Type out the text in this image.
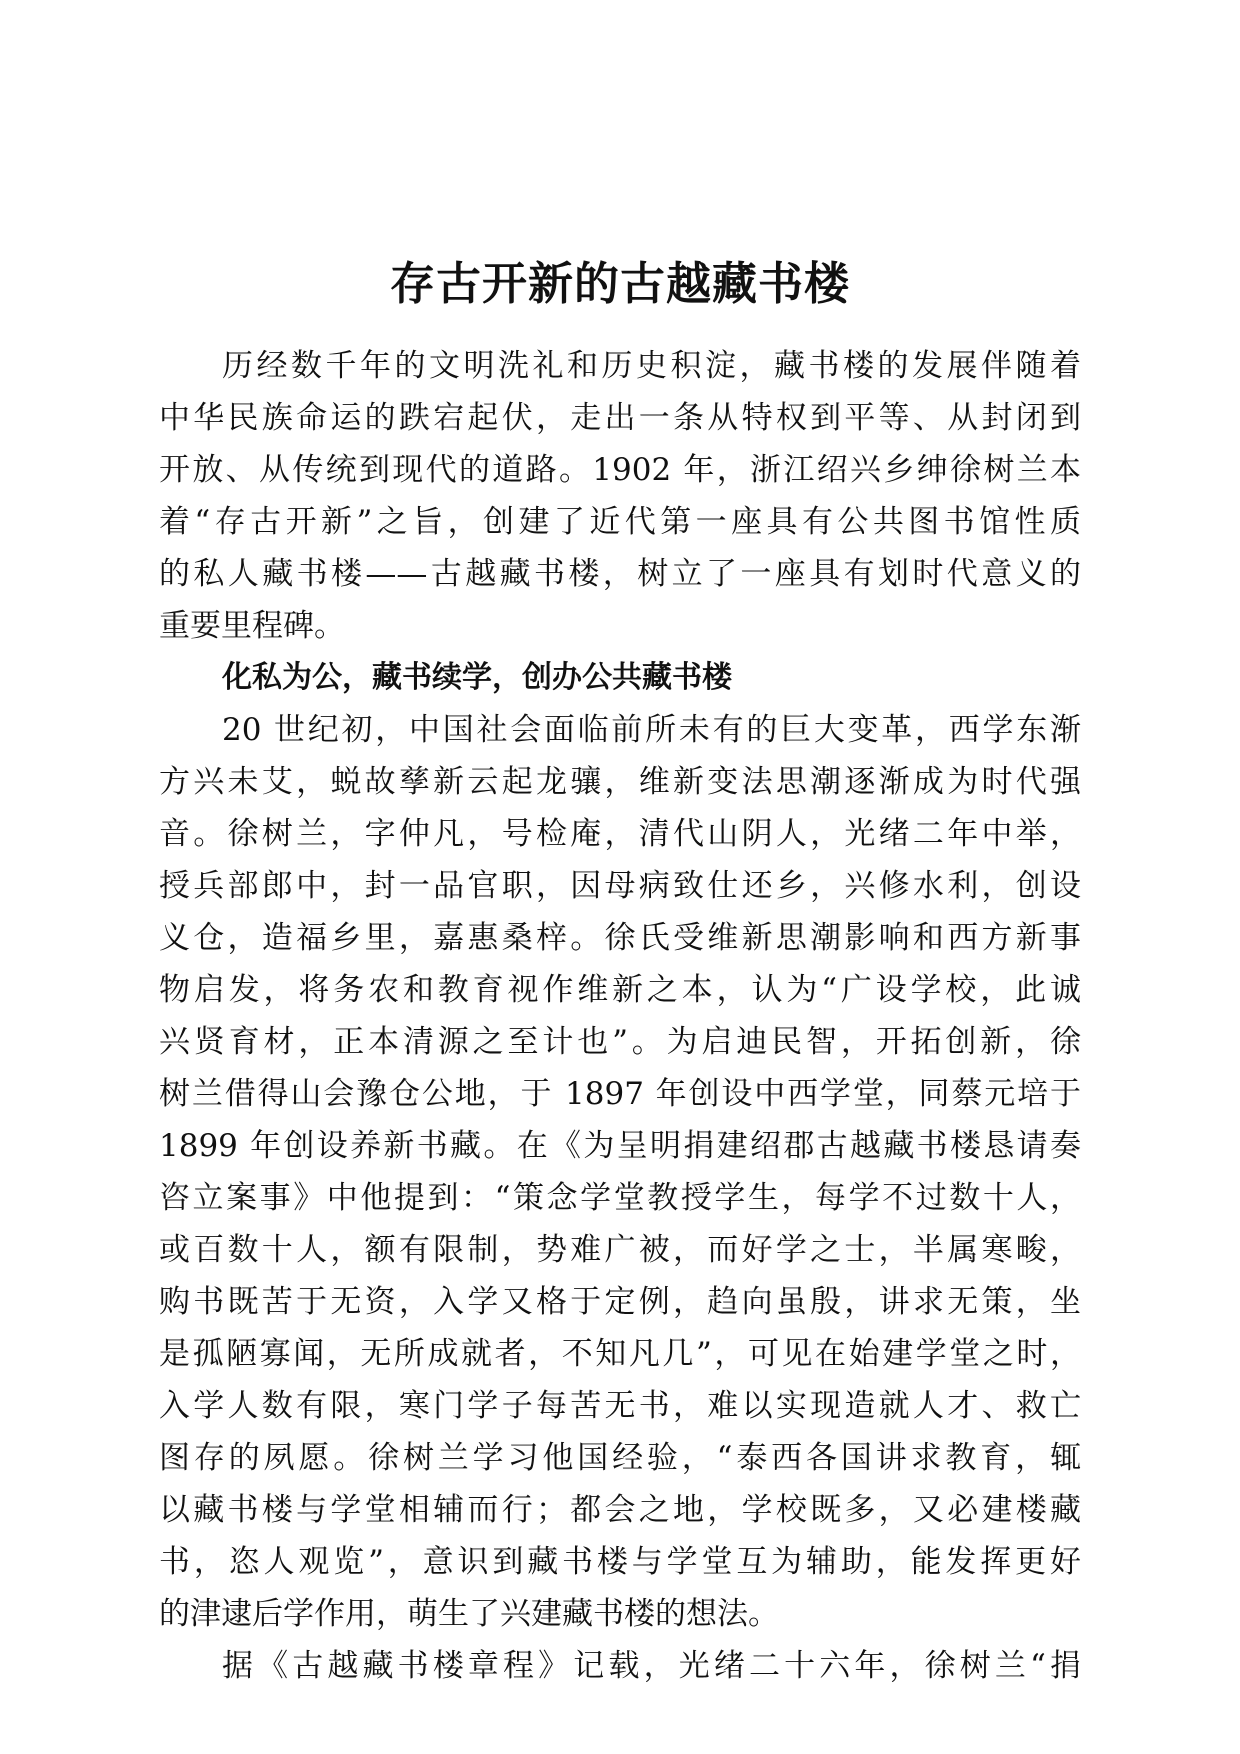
存古开新的古越藏书楼
历经数千年的文明洗礼和历史积淀，藏书楼的发展伴随着
中华民族命运的跌宕起伏，走出一条从特权到平等、从封闭到
开放、从传统到现代的道路。1902 年，浙江绍兴乡绅徐树兰本
着“存古开新”之旨，创建了近代第一座具有公共图书馆性质
的私人藏书楼——古越藏书楼，树立了一座具有划时代意义的
重要里程碑。
化私为公，藏书续学，创办公共藏书楼
20 世纪初，中国社会面临前所未有的巨大变革，西学东渐
方兴未艾，蜕故孳新云起龙骧，维新变法思潮逐渐成为时代强
音。徐树兰，字仲凡，号检庵，清代山阴人，光绪二年中举，
授兵部郎中，封一品官职，因母病致仕还乡，兴修水利，创设
义仓，造福乡里，嘉惠桑梓。徐氏受维新思潮影响和西方新事
物启发，将务农和教育视作维新之本，认为“广设学校，此诚
兴贤育材，正本清源之至计也”。为启迪民智，开拓创新，徐
树兰借得山会豫仓公地，于 1897 年创设中西学堂，同蔡元培于
1899 年创设养新书藏。在《为呈明捐建绍郡古越藏书楼恳请奏
咨立案事》中他提到：“策念学堂教授学生，每学不过数十人，
或百数十人，额有限制，势难广被，而好学之士，半属寒畯，
购书既苦于无资，入学又格于定例，趋向虽殷，讲求无策，坐
是孤陋寡闻，无所成就者，不知凡几”，可见在始建学堂之时，
入学人数有限，寒门学子每苦无书，难以实现造就人才、救亡
图存的夙愿。徐树兰学习他国经验，“泰西各国讲求教育，辄
以藏书楼与学堂相辅而行；都会之地，学校既多，又必建楼藏
书，恣人观览”，意识到藏书楼与学堂互为辅助，能发挥更好
的津逮后学作用，萌生了兴建藏书楼的想法。
据《古越藏书楼章程》记载，光绪二十六年，徐树兰“捐
